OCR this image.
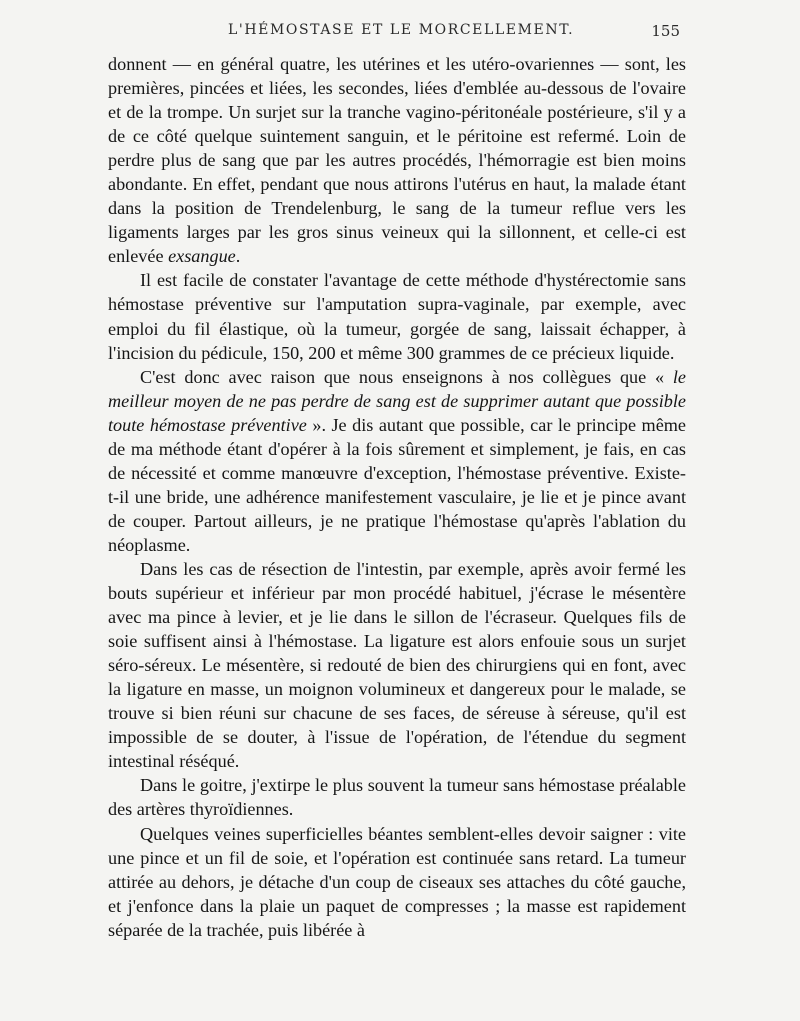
L'HÉMOSTASE ET LE MORCELLEMENT.	155

donnent — en général quatre, les utérines et les utéro-ovariennes — sont, les premières, pincées et liées, les secondes, liées d'emblée au-dessous de l'ovaire et de la trompe. Un surjet sur la tranche vagino-péritonéale postérieure, s'il y a de ce côté quelque suintement sanguin, et le péritoine est refermé. Loin de perdre plus de sang que par les autres procédés, l'hémorragie est bien moins abondante. En effet, pendant que nous attirons l'utérus en haut, la malade étant dans la position de Trendelenburg, le sang de la tumeur reflue vers les ligaments larges par les gros sinus veineux qui la sillonnent, et celle-ci est enlevée exsangue.

Il est facile de constater l'avantage de cette méthode d'hystérectomie sans hémostase préventive sur l'amputation supra-vaginale, par exemple, avec emploi du fil élastique, où la tumeur, gorgée de sang, laissait échapper, à l'incision du pédicule, 150, 200 et même 300 grammes de ce précieux liquide.

C'est donc avec raison que nous enseignons à nos collègues que « le meilleur moyen de ne pas perdre de sang est de supprimer autant que possible toute hémostase préventive ». Je dis autant que possible, car le principe même de ma méthode étant d'opérer à la fois sûrement et simplement, je fais, en cas de nécessité et comme manœuvre d'exception, l'hémostase préventive. Existe-t-il une bride, une adhérence manifestement vasculaire, je lie et je pince avant de couper. Partout ailleurs, je ne pratique l'hémostase qu'après l'ablation du néoplasme.

Dans les cas de résection de l'intestin, par exemple, après avoir fermé les bouts supérieur et inférieur par mon procédé habituel, j'écrase le mésentère avec ma pince à levier, et je lie dans le sillon de l'écraseur. Quelques fils de soie suffisent ainsi à l'hémostase. La ligature est alors enfouie sous un surjet séro-séreux. Le mésentère, si redouté de bien des chirurgiens qui en font, avec la ligature en masse, un moignon volumineux et dangereux pour le malade, se trouve si bien réuni sur chacune de ses faces, de séreuse à séreuse, qu'il est impossible de se douter, à l'issue de l'opération, de l'étendue du segment intestinal réséqué.

Dans le goitre, j'extirpe le plus souvent la tumeur sans hémostase préalable des artères thyroïdiennes.

Quelques veines superficielles béantes semblent-elles devoir saigner : vite une pince et un fil de soie, et l'opération est continuée sans retard. La tumeur attirée au dehors, je détache d'un coup de ciseaux ses attaches du côté gauche, et j'enfonce dans la plaie un paquet de compresses ; la masse est rapidement séparée de la trachée, puis libérée à
